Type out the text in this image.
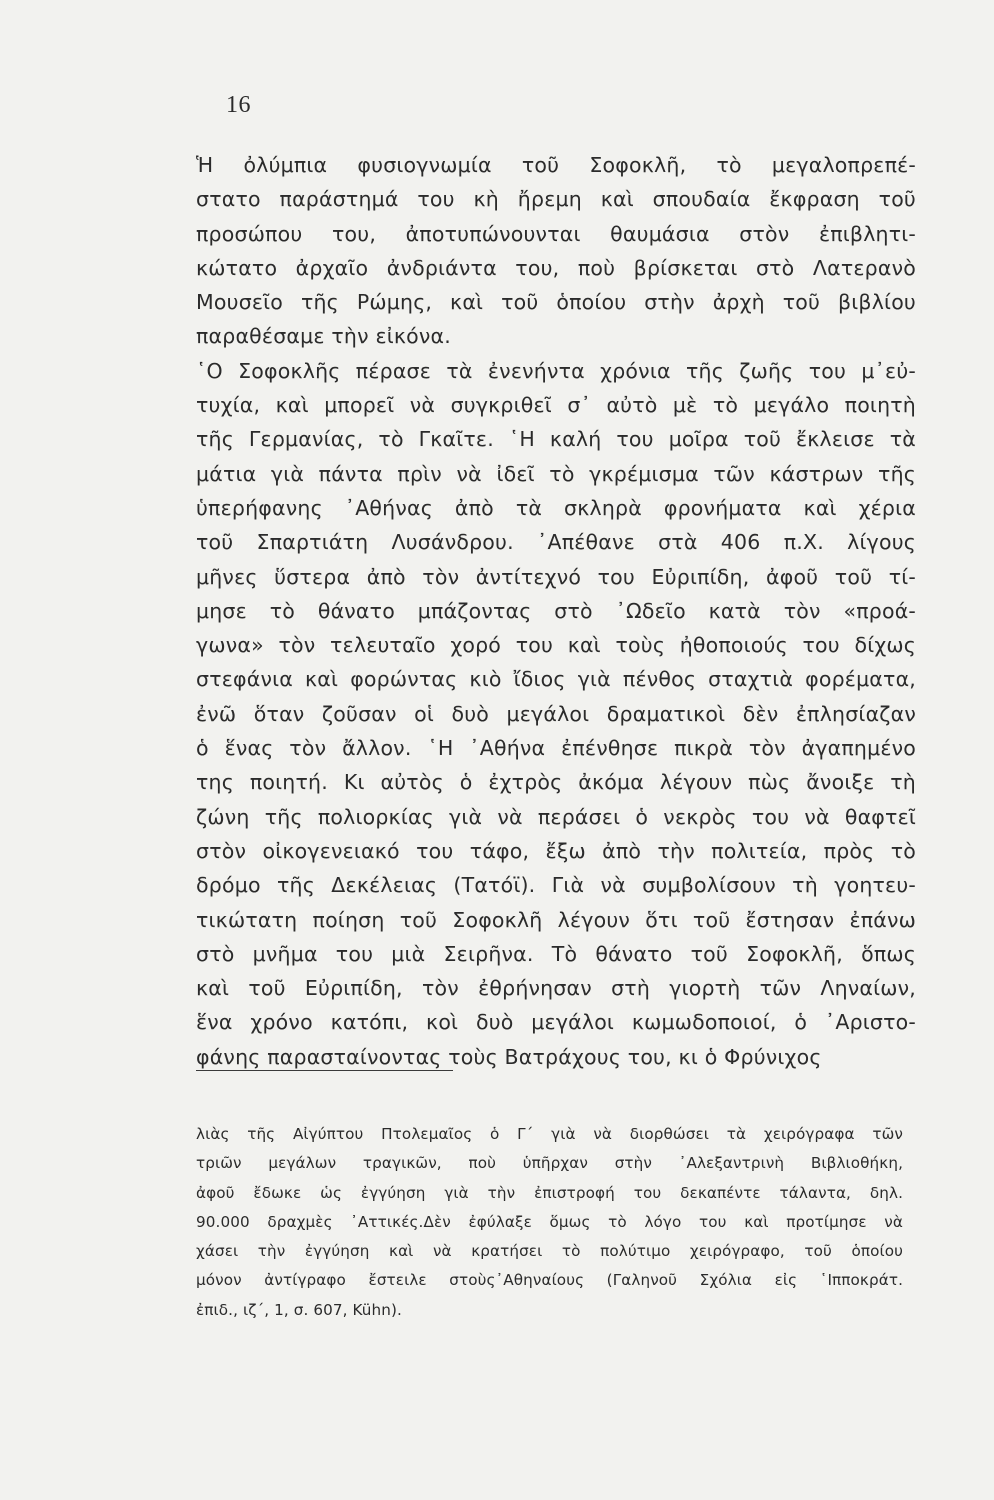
16
Ἡ ὀλύμπια φυσιογνωμία τοῦ Σοφοκλῆ, τὸ μεγαλοπρεπέ-
στατο παράστημά του κὴ ἤρεμη καὶ σπουδαία ἔκφραση τοῦ
προσώπου του, ἀποτυπώνουνται θαυμάσια στὸν ἐπιβλητι-
κώτατο ἀρχαῖο ἀνδριάντα του, ποὺ βρίσκεται στὸ Λατερανὸ
Μουσεῖο τῆς Ρώμης, καὶ τοῦ ὁποίου στὴν ἀρχὴ τοῦ βιβλίου
παραθέσαμε τὴν εἰκόνα.
῾Ο Σοφοκλῆς πέρασε τὰ ἐνενήντα χρόνια τῆς ζωῆς του μ᾽εὐ-
τυχία, καὶ μπορεῖ νὰ συγκριθεῖ σ᾽ αὐτὸ μὲ τὸ μεγάλο ποιητὴ
τῆς Γερμανίας, τὸ Γκαῖτε. ῾Η καλή του μοῖρα τοῦ ἔκλεισε τὰ
μάτια γιὰ πάντα πρὶν νὰ ἰδεῖ τὸ γκρέμισμα τῶν κάστρων τῆς
ὑπερήφανης ᾽Αθήνας ἀπὸ τὰ σκληρὰ φρονήματα καὶ χέρια
τοῦ Σπαρτιάτη Λυσάνδρου. ᾽Απέθανε στὰ 406 π.Χ. λίγους
μῆνες ὕστερα ἀπὸ τὸν ἀντίτεχνό του Εὐριπίδη, ἀφοῦ τοῦ τί-
μησε τὸ θάνατο μπάζοντας στὸ ᾽Ωδεῖο κατὰ τὸν «προά-
γωνα» τὸν τελευταῖο χορό του καὶ τοὺς ἠθοποιούς του δίχως
στεφάνια καὶ φορώντας κιὸ ἴδιος γιὰ πένθος σταχτιὰ φορέματα,
ἐνῶ ὅταν ζοῦσαν οἱ δυὸ μεγάλοι δραματικοὶ δὲν ἐπλησίαζαν
ὁ ἕνας τὸν ἄλλον. ῾Η ᾽Αθήνα ἐπένθησε πικρὰ τὸν ἀγαπημένο
της ποιητή. Κι αὐτὸς ὁ ἐχτρὸς ἀκόμα λέγουν πὼς ἄνοιξε τὴ
ζώνη τῆς πολιορκίας γιὰ νὰ περάσει ὁ νεκρὸς του νὰ θαφτεῖ
στὸν οἰκογενειακό του τάφο, ἔξω ἀπὸ τὴν πολιτεία, πρὸς τὸ
δρόμο τῆς Δεκέλειας (Τατόϊ). Γιὰ νὰ συμβολίσουν τὴ γοητευ-
τικώτατη ποίηση τοῦ Σοφοκλῆ λέγουν ὅτι τοῦ ἔστησαν ἐπάνω
στὸ μνῆμα του μιὰ Σειρῆνα. Τὸ θάνατο τοῦ Σοφοκλῆ, ὅπως
καὶ τοῦ Εὐριπίδη, τὸν ἐθρήνησαν στὴ γιορτὴ τῶν Ληναίων,
ἕνα χρόνο κατόπι, κοὶ δυὸ μεγάλοι κωμωδοποιοί, ὁ ᾽Αριστο-
φάνης παρασταίνοντας τοὺς Βατράχους του, κι ὁ Φρύνιχος
λιὰς τῆς Αἰγύπτου Πτολεμαῖος ὁ Γ΄ γιὰ νὰ διορθώσει τὰ χειρόγραφα τῶν
τριῶν μεγάλων τραγικῶν, ποὺ ὑπῆρχαν στὴν ᾽Αλεξαντρινὴ Βιβλιοθήκη,
ἀφοῦ ἔδωκε ὡς ἐγγύηση γιὰ τὴν ἐπιστροφή του δεκαπέντε τάλαντα, δηλ.
90.000 δραχμὲς ᾽Αττικές.Δὲν ἐφύλαξε ὅμως τὸ λόγο του καὶ προτίμησε νὰ
χάσει τὴν ἐγγύηση καὶ νὰ κρατήσει τὸ πολύτιμο χειρόγραφο, τοῦ ὁποίου
μόνον ἀντίγραφο ἔστειλε στοὺς᾽Αθηναίους (Γαληνοῦ Σχόλια εἰς ῾Ιπποκράτ.
ἐπιδ., ιζ΄, 1, σ. 607, Kühn).
